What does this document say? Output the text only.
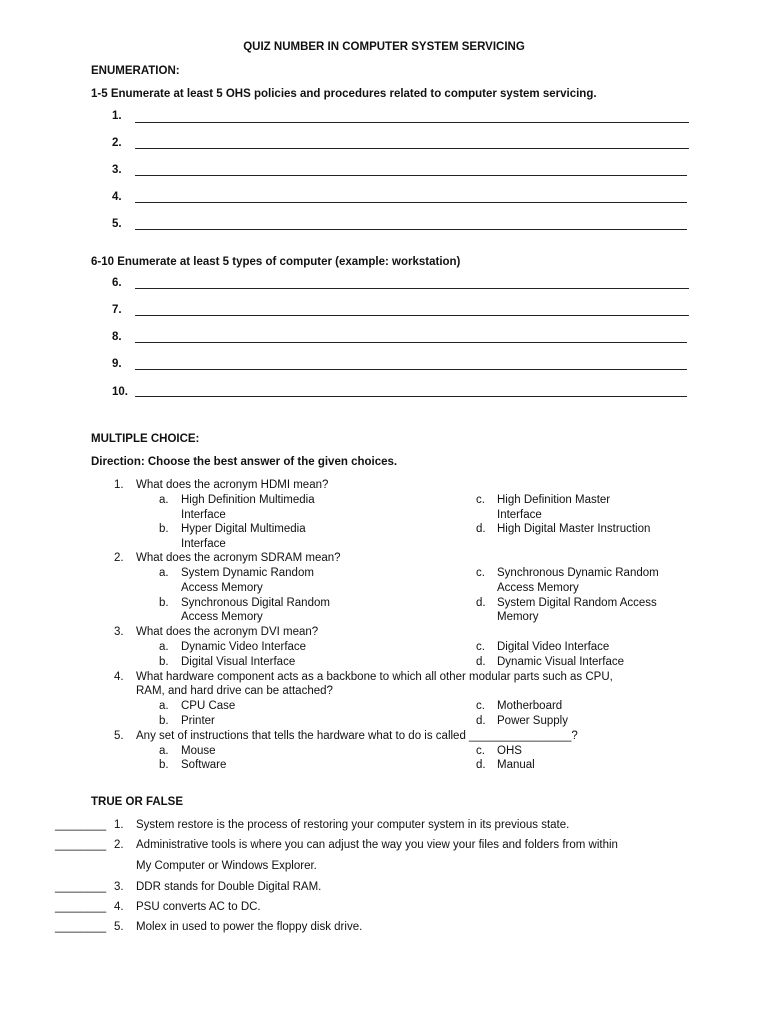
QUIZ NUMBER IN COMPUTER SYSTEM SERVICING
ENUMERATION:
1-5 Enumerate at least 5 OHS policies and procedures related to computer system servicing.
1.
2.
3.
4.
5.
6-10 Enumerate at least 5 types of computer (example: workstation)
6.
7.
8.
9.
10.
MULTIPLE CHOICE:
Direction: Choose the best answer of the given choices.
1. What does the acronym HDMI mean?
a. High Definition Multimedia
Interface
b. Hyper Digital Multimedia
Interface
c. High Definition Master
Interface
d. High Digital Master Instruction
2. What does the acronym SDRAM mean?
a. System Dynamic Random
Access Memory
b. Synchronous Digital Random
Access Memory
c. Synchronous Dynamic Random
Access Memory
d. System Digital Random Access
Memory
3. What does the acronym DVI mean?
a. Dynamic Video Interface
b. Digital Visual Interface
c. Digital Video Interface
d. Dynamic Visual Interface
4. What hardware component acts as a backbone to which all other modular parts such as CPU,
RAM, and hard drive can be attached?
a. CPU Case
b. Printer
c. Motherboard
d. Power Supply
5. Any set of instructions that tells the hardware what to do is called ________________?
a. Mouse
b. Software
c. OHS
d. Manual
TRUE OR FALSE
________ 1. System restore is the process of restoring your computer system in its previous state.
________ 2. Administrative tools is where you can adjust the way you view your files and folders from within
My Computer or Windows Explorer.
________ 3. DDR stands for Double Digital RAM.
________ 4. PSU converts AC to DC.
________ 5. Molex in used to power the floppy disk drive.
